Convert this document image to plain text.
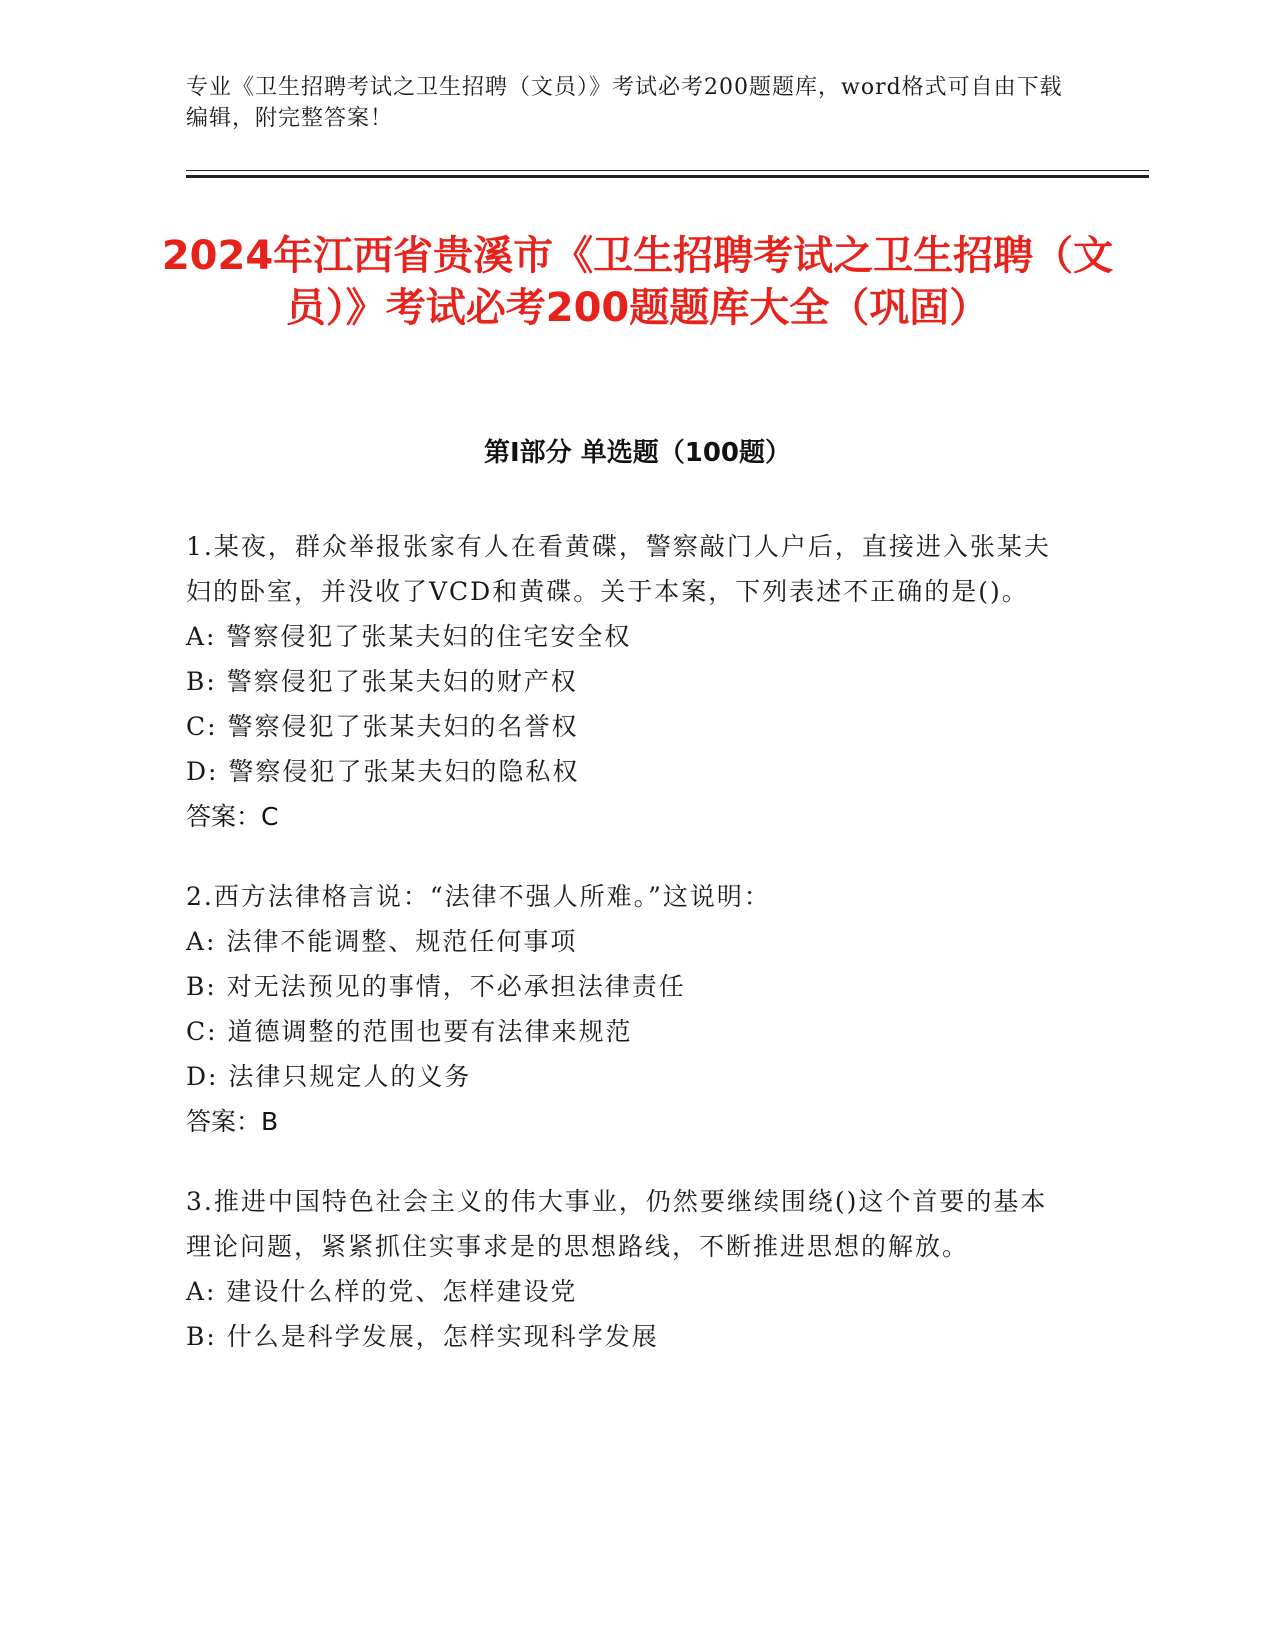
专业《卫生招聘考试之卫生招聘（文员）》考试必考200题题库，word格式可自由下载编辑，附完整答案！
2024年江西省贵溪市《卫生招聘考试之卫生招聘（文员）》考试必考200题题库大全（巩固）
第I部分 单选题（100题）
1.某夜，群众举报张家有人在看黄碟，警察敲门人户后，直接进入张某夫妇的卧室，并没收了VCD和黄碟。关于本案，下列表述不正确的是()。
A: 警察侵犯了张某夫妇的住宅安全权
B: 警察侵犯了张某夫妇的财产权
C: 警察侵犯了张某夫妇的名誉权
D: 警察侵犯了张某夫妇的隐私权
答案：C
2.西方法律格言说：“法律不强人所难。”这说明：
A: 法律不能调整、规范任何事项
B: 对无法预见的事情，不必承担法律责任
C: 道德调整的范围也要有法律来规范
D: 法律只规定人的义务
答案：B
3.推进中国特色社会主义的伟大事业，仍然要继续围绕()这个首要的基本理论问题，紧紧抓住实事求是的思想路线，不断推进思想的解放。
A: 建设什么样的党、怎样建设党
B: 什么是科学发展，怎样实现科学发展
